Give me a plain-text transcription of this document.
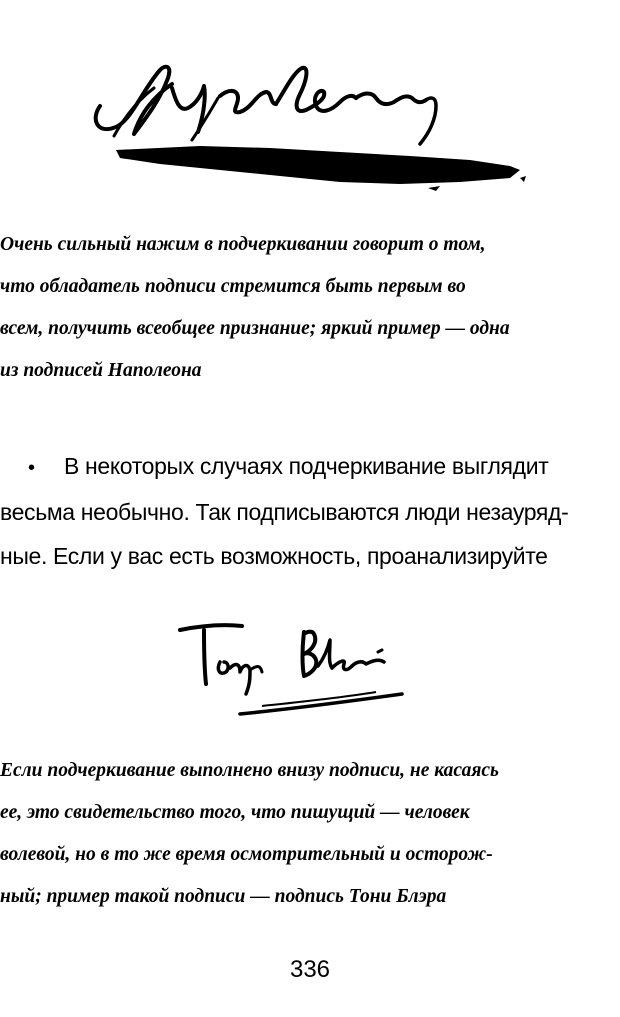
Очень сильный нажим в подчеркивании говорит о том,
что обладатель подписи стремится быть первым во
всем, получить всеобщее признание; яркий пример — одна
из подписей Наполеона

• В некоторых случаях подчеркивание выглядит
весьма необычно. Так подписываются люди незауряд-
ные. Если у вас есть возможность, проанализируйте

Если подчеркивание выполнено внизу подписи, не касаясь
ее, это свидетельство того, что пишущий — человек
волевой, но в то же время осмотрительный и осторож-
ный; пример такой подписи — подпись Тони Блэра

336
